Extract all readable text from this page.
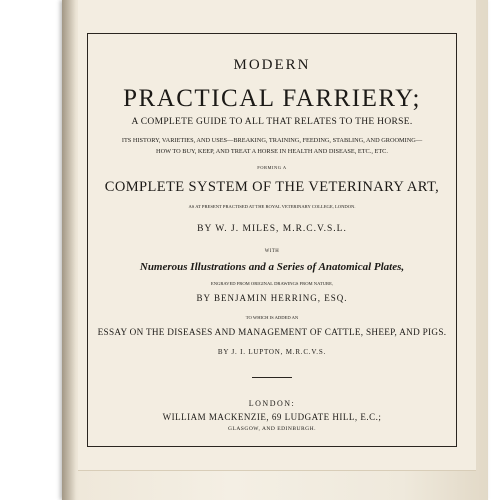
MODERN
PRACTICAL FARRIERY;
A COMPLETE GUIDE TO ALL THAT RELATES TO THE HORSE.
ITS HISTORY, VARIETIES, AND USES—BREAKING, TRAINING, FEEDING, STABLING, AND GROOMING—
HOW TO BUY, KEEP, AND TREAT A HORSE IN HEALTH AND DISEASE, ETC., ETC.
FORMING A
COMPLETE SYSTEM OF THE VETERINARY ART,
AS AT PRESENT PRACTISED AT THE ROYAL VETERINARY COLLEGE, LONDON.
BY W. J. MILES, M.R.C.V.S.L.
WITH
Numerous Illustrations and a Series of Anatomical Plates,
ENGRAVED FROM ORIGINAL DRAWINGS FROM NATURE,
BY BENJAMIN HERRING, ESQ.
TO WHICH IS ADDED AN
ESSAY ON THE DISEASES AND MANAGEMENT OF CATTLE, SHEEP, AND PIGS.
BY J. I. LUPTON, M.R.C.V.S.
LONDON:
WILLIAM MACKENZIE, 69 LUDGATE HILL, E.C.;
GLASGOW, AND EDINBURGH.
